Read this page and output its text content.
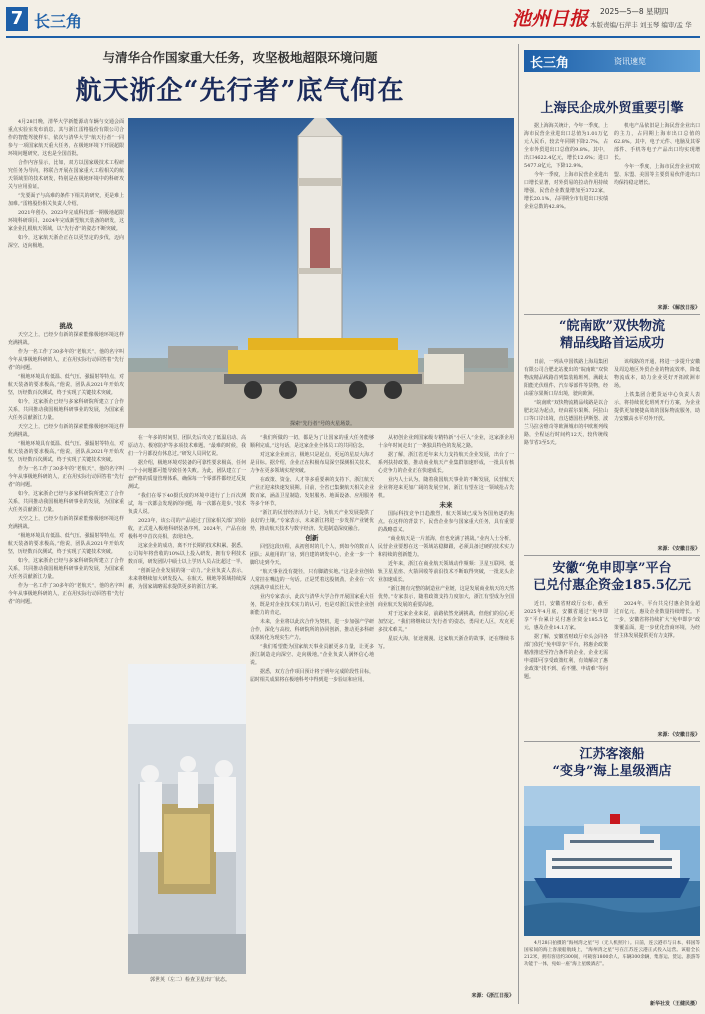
7 长三角	池州日报 2025—5—8 星期四
本版责编/石萍丰 刘玉琴 编审/孟 华
与清华合作国家重大任务，攻坚极地超限环境问题
航天浙企“先行者”底气何在

4月28日晚，清华大学新能源动车辆与交通会面重点实验室发布消息，其与浙江雷格股份有限公司合作的智能驾驶样车，依次与清华大学“航天行者”一同参与一项国家航天重大任务，在极地环境下开展超限环境问题研究，这也是全国首批。

合作内容显示，比如，双方以国家级技术工程研究任务为导向，将联合开展在国家重大工程相关的航天领域里的技术研发，特别是在极地环境中的科研攻关与应用验证。

“先要面子与高难的条件下相关的研究，更是难上加难。”雷格股份相关负责人介绍。

2021年创办、2023年完成科技部一期极地超限环境科研项目、2024年完成新型航天装备的研发，这家企业扎根航天领域，以“先行者”的姿态不断突破。

如今，这家航天浙企正在以更坚定的步伐，迈向深空、迈向极地。

挑战

天空之上，已经少有新的探索能像极地环境这样充满挑战。

作为一名工作了30多年的“老航天”，他的名字叫今年从事极地科研的人，正在用实际行动回答着“先行者”的问题。

“极地环境具有低温、低气压、强辐射等特点，对航天装备的要求极高。”他说，团队从2021年开始攻坚，历经数百次测试，终于实现了关键技术突破。

如今，这家浙企已经与多家科研院所建立了合作关系，共同推动我国极地科研事业的发展，为国家重大任务贡献浙江力量。

天空之上，已经少有新的探索能像极地环境这样充满挑战。

“极地环境具有低温、低气压、强辐射等特点，对航天装备的要求极高。”他说，团队从2021年开始攻坚，历经数百次测试，终于实现了关键技术突破。

作为一名工作了30多年的“老航天”，他的名字叫今年从事极地科研的人，正在用实际行动回答着“先行者”的问题。

如今，这家浙企已经与多家科研院所建立了合作关系，共同推动我国极地科研事业的发展，为国家重大任务贡献浙江力量。

天空之上，已经少有新的探索能像极地环境这样充满挑战。

“极地环境具有低温、低气压、强辐射等特点，对航天装备的要求极高。”他说，团队从2021年开始攻坚，历经数百次测试，终于实现了关键技术突破。

如今，这家浙企已经与多家科研院所建立了合作关系，共同推动我国极地科研事业的发展，为国家重大任务贡献浙江力量。

作为一名工作了30多年的“老航天”，他的名字叫今年从事极地科研的人，正在用实际行动回答着“先行者”的问题。

探索“先行者”号的火星场景。

在一年多的时间里，团队先后攻克了低温启动、高原动力、极寒防护等多项技术难题。“最难的时候，我们一个月都没有休息过。”研发人员回忆说。

据介绍，极地环境对装备的可靠性要求极高，任何一个小问题都可能导致任务失败。为此，团队建立了一套严格的质量管理体系，确保每一个零部件都经过反复测试。

“我们在零下40摄氏度的环境中进行了上百次测试，每一次都会发现新的问题，每一次都在进步。”技术负责人说。

2023年，该公司的产品通过了国家相关部门的验收，正式进入极地科研装备序列。2024年，产品在南极科考中首次亮相，表现出色。

这家企业的成功，离不开长期的技术积累。据悉，公司每年将营收的10%以上投入研发，拥有专利技术数百项，研发团队中硕士以上学历人员占比超过一半。

“创新是企业发展的第一动力。”企业负责人表示，未来将继续加大研发投入，在航天、极地等领域持续深耕，为国家战略需求提供更多的浙江方案。

“我们所做的一切，都是为了让国家的重大任务能够顺利完成。”这句话，是这家企业全体员工的共同信念。

对这家企业而言，极地只是起点，更远的星辰大海才是目标。据介绍，企业正在积极布局深空探测相关技术，力争在更多领域实现突破。

在政策、资金、人才等多重要素的支持下，浙江航天产业正迎来快速发展期。目前，全省已集聚航天相关企业数百家，涵盖卫星制造、发射服务、地面设备、应用服务等多个环节。

“浙江的民营经济活力十足，为航天产业发展提供了良好的土壤。”专家表示，未来浙江将进一步发挥产业链优势，推动航天技术与数字经济、先进制造深度融合。

创新

回望这段历程，从初创时的几个人，到如今的数百人团队；从租用的厂房，到自建的研发中心，企业一步一个脚印走到今天。

“航天事业没有捷径，只有脚踏实地。”这是企业创始人常挂在嘴边的一句话。正是凭着这股韧劲，企业在一次次挑战中成长壮大。

业内专家表示，此次与清华大学合作开展国家重大任务，既是对企业技术实力的认可，也是对浙江民营企业创新能力的肯定。

未来，企业将以此次合作为契机，进一步加强产学研合作，深化与高校、科研院所的协同创新，推动更多科研成果转化为现实生产力。

“我们希望能为国家航天事业贡献更多力量，让更多浙江制造走向深空、走向极地。”企业负责人满怀信心地说。

据悉，双方合作项目预计将于明年完成阶段性目标，届时相关成果将在极地科考中得到进一步验证和应用。

从初创企业到国家级专精特新“小巨人”企业，这家浙企用十余年时间走出了一条独具特色的发展之路。

据了解，浙江省近年来大力支持航天企业发展，出台了一系列扶持政策，推动商业航天产业集群加速形成，一批具有核心竞争力的企业正在快速成长。

业内人士认为，随着我国航天事业的不断发展，民营航天企业将迎来更加广阔的发展空间，浙江有望在这一领域抢占先机。

未来

国际科技竞争日趋激烈，航天领域已成为各国角逐的焦点。在这样的背景下，民营企业参与国家重大任务，具有重要的战略意义。

“商业航天是一片蓝海，但也充满了挑战。”业内人士分析，民营企业要想在这一领域站稳脚跟，必须具备过硬的技术实力和持续的创新能力。

近年来，浙江在商业航天领域动作频频：卫星互联网、低轨卫星星座、火箭回收等前沿技术不断取得突破，一批龙头企业加速成长。

“浙江拥有完整的制造业产业链，这是发展商业航天的天然优势。”专家表示，随着政策支持力度加大，浙江有望成为全国商业航天发展的重要高地。

对于这家企业来说，前路依然充满挑战，但他们的信心更加坚定。“我们将继续以‘先行者’的姿态，勇闯无人区，攻克更多技术难关。”

星辰大海，征途漫漫。这家航天浙企的故事，还在继续书写。

来源：《浙江日报》
郭世英（左二）检查卫星出厂状态。
长三角	资讯速览
上海民企成外贸重要引擎

据上海海关统计，今年一季度，上海市民营企业进出口总值为1.01万亿元人民币，较去年同期下降2.7%，占全市外贸进出口总值的9.8%。其中，出口4622.4亿元，增长12.6%；进口5477.8亿元，下降12.9%。

今年一季度，上海市民营企业进出口增长显著，对外贸易的拉动作用持续增强，民营企业数量增加至3722家，增长20.1%，占同期全市有进出口实绩企业总数的42.8%。

机电产品依旧是上海民营企业出口的主力，占同期上海市出口总值的62.8%。其中，电子元件、电脑及其零部件、手机等电子产品出口均实现增长。

今年一季度，上海市民营企业对欧盟、东盟、美国等主要贸易伙伴进出口均保持稳定增长。

来源：《解放日报》
“皖南欧”双快物流
精品线路首运成功

日前，一列从中国铁路上海局集团有限公司合肥北站驶出的“皖南欧”双快物流精品线路首列集装箱班列，满载太阳能光伏组件、汽车零部件等货物，经由霍尔果斯口岸出境，驶向欧洲。

“皖南欧”双快物流精品线路是以合肥北站为起点，经由霍尔果斯、阿拉山口等口岸出境，直达德国杜伊斯堡、波兰马拉舍维奇等欧洲城市的中欧班列线路，全程运行时间约12天，较传统线路节省3至5天。

该线路的开通，将进一步提升安徽及周边地区外贸企业的物流效率，降低物流成本，助力企业更好开拓欧洲市场。

上铁集团合肥货运中心负责人表示，将持续优化班列开行方案，为企业提供更加便捷高效的国际物流服务，助力安徽高水平对外开放。

来源：《安徽日报》
安徽“免申即享”平台
已兑付惠企资金185.5亿元

近日，安徽省财政厅公布，截至2025年4月底，安徽省通过“免申即享”平台累计兑付惠企资金185.5亿元，惠及企业14.1万家。

据了解，安徽省财政厅牵头会同各部门依托“免申即享”平台，将惠企政策精准推送至符合条件的企业，企业无需申请即可享受政策红利，有效解决了惠企政策“找不到、看不懂、申请难”等问题。

2024年，平台共兑付惠企资金超过百亿元，惠及企业数量持续增长。下一步，安徽省将持续扩大“免申即享”政策覆盖面，进一步优化营商环境，为经营主体发展提供更有力支撑。

来源：《安徽日报》
江苏客滚船
“变身”海上星级酒店

4月28日拍摄的“海州湾之星”号（无人机照片）。日前，连云港市与日本、韩国等国家间的海上客滚船航线上，“海州湾之星”号在江苏连云港正式投入运营。该船全长212米，拥有客房约300间，可载客1800余人、车辆300余辆，集客运、货运、旅游等功能于一体，宛如一座“海上星级酒店”。

新华社发（王健民摄）
